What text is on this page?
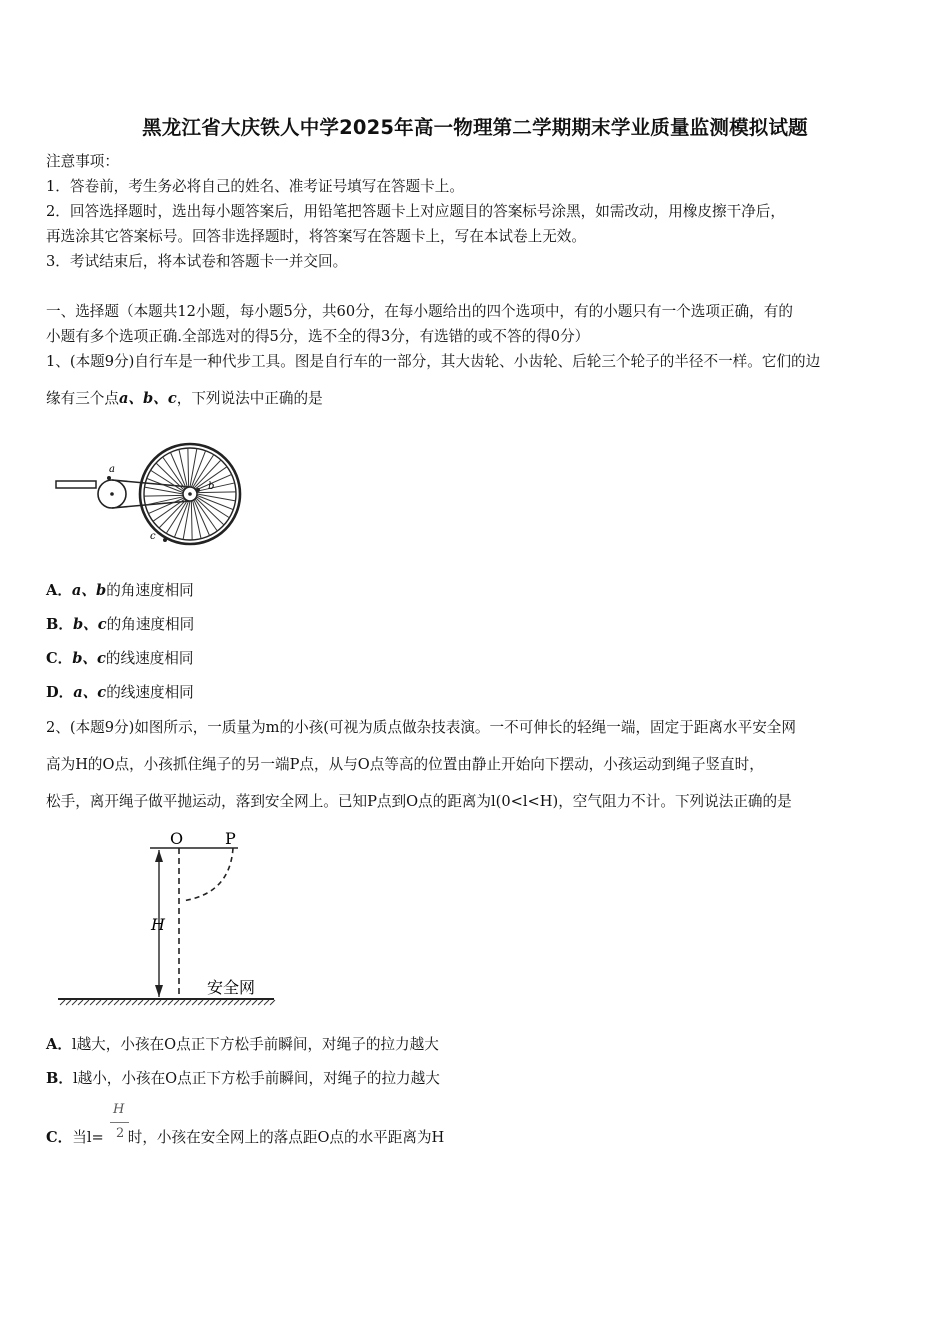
黑龙江省大庆铁人中学2025年高一物理第二学期期末学业质量监测模拟试题
注意事项：
1．答卷前，考生务必将自己的姓名、准考证号填写在答题卡上。
2．回答选择题时，选出每小题答案后，用铅笔把答题卡上对应题目的答案标号涂黑，如需改动，用橡皮擦干净后，
再选涂其它答案标号。回答非选择题时，将答案写在答题卡上，写在本试卷上无效。
3．考试结束后，将本试卷和答题卡一并交回。
一、选择题（本题共12小题，每小题5分，共60分，在每小题给出的四个选项中，有的小题只有一个选项正确，有的
小题有多个选项正确.全部选对的得5分，选不全的得3分，有选错的或不答的得0分）
1、(本题9分)自行车是一种代步工具。图是自行车的一部分，其大齿轮、小齿轮、后轮三个轮子的半径不一样。它们的边
缘有三个点a、b、c，下列说法中正确的是
a
b
c
A．a、b的角速度相同
B．b、c的角速度相同
C．b、c的线速度相同
D．a、c的线速度相同
2、(本题9分)如图所示，一质量为m的小孩(可视为质点做杂技表演。一不可伸长的轻绳一端，固定于距离水平安全网
高为H的O点，小孩抓住绳子的另一端P点，从与O点等高的位置由静止开始向下摆动，小孩运动到绳子竖直时，
松手，离开绳子做平抛运动，落到安全网上。已知P点到O点的距离为l(0<l<H)，空气阻力不计。下列说法正确的是
O	P
H
安全网
A．l越大，小孩在O点正下方松手前瞬间，对绳子的拉力越大
B．l越小，小孩在O点正下方松手前瞬间，对绳子的拉力越大
H
2
C．当l= 时，小孩在安全网上的落点距O点的水平距离为H
